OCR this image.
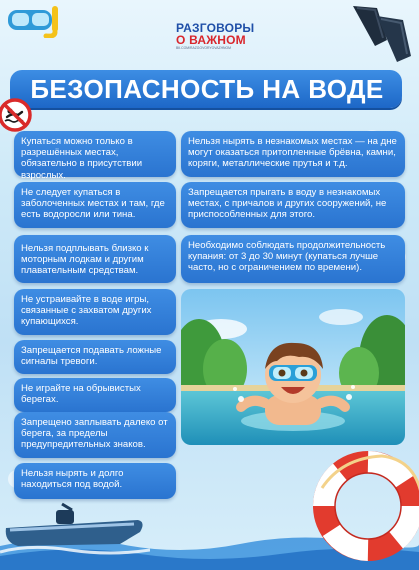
РАЗГОВОРЫ
О ВАЖНОМ
ВК.COM/RAZGOVORYOVAZHNOM
БЕЗОПАСНОСТЬ НА ВОДЕ
Купаться можно только в разрешённых местах, обязательно в присутствии взрослых.
Не следует купаться в заболоченных местах и там, где есть водоросли или тина.
Нельзя подплывать близко к моторным лодкам и другим плавательным средствам.
Не устраивайте в воде игры, связанные с захватом других купающихся.
Запрещается подавать ложные сигналы тревоги.
Не играйте на обрывистых берегах.
Запрещено заплывать далеко от берега, за пределы предупредительных знаков.
Нельзя нырять и долго находиться под водой.
Нельзя нырять в незнакомых местах — на дне могут оказаться притопленные брёвна, камни, коряги, металлические прутья и т.д.
Запрещается прыгать в воду в незнакомых местах, с причалов и других сооружений, не приспособленных для этого.
Необходимо соблюдать продолжительность купания: от 3 до 30 минут (купаться лучше часто, но с ограничением по времени).
